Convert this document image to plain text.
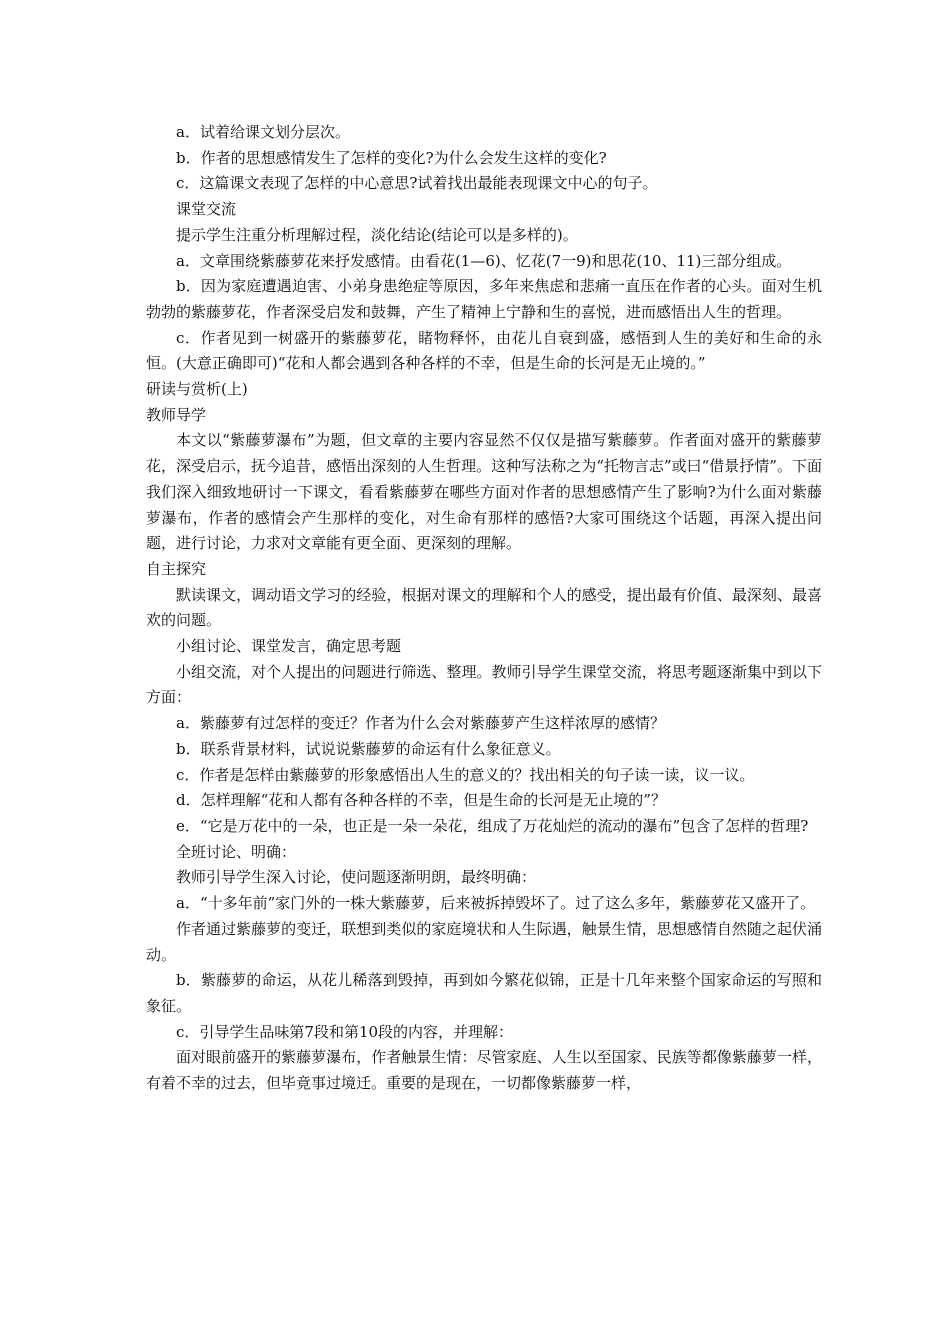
a．试着给课文划分层次。

b．作者的思想感情发生了怎样的变化?为什么会发生这样的变化?

c．这篇课文表现了怎样的中心意思?试着找出最能表现课文中心的句子。

课堂交流

提示学生注重分析理解过程，淡化结论(结论可以是多样的)。

a．文章围绕紫藤萝花来抒发感情。由看花(1—6)、忆花(7一9)和思花(10、11)三部分组成。

b．因为家庭遭遇迫害、小弟身患绝症等原因，多年来焦虑和悲痛一直压在作者的心头。面对生机勃勃的紫藤萝花，作者深受启发和鼓舞，产生了精神上宁静和生的喜悦，进而感悟出人生的哲理。

c．作者见到一树盛开的紫藤萝花，睹物释怀，由花儿自衰到盛，感悟到人生的美好和生命的永恒。(大意正确即可)“花和人都会遇到各种各样的不幸，但是生命的长河是无止境的。”

研读与赏析(上)

教师导学

本文以“紫藤萝瀑布”为题，但文章的主要内容显然不仅仅是描写紫藤萝。作者面对盛开的紫藤萝花，深受启示，抚今追昔，感悟出深刻的人生哲理。这种写法称之为“托物言志”或曰“借景抒情”。下面我们深入细致地研讨一下课文，看看紫藤萝在哪些方面对作者的思想感情产生了影响?为什么面对紫藤萝瀑布，作者的感情会产生那样的变化，对生命有那样的感悟?大家可围绕这个话题，再深入提出问题，进行讨论，力求对文章能有更全面、更深刻的理解。

自主探究

默读课文，调动语文学习的经验，根据对课文的理解和个人的感受，提出最有价值、最深刻、最喜欢的问题。

小组讨论、课堂发言，确定思考题

小组交流，对个人提出的问题进行筛选、整理。教师引导学生课堂交流，将思考题逐渐集中到以下方面：

a．紫藤萝有过怎样的变迁？作者为什么会对紫藤萝产生这样浓厚的感情？

b．联系背景材料，试说说紫藤萝的命运有什么象征意义。

c．作者是怎样由紫藤萝的形象感悟出人生的意义的？找出相关的句子读一读，议一议。

d．怎样理解“花和人都有各种各样的不幸，但是生命的长河是无止境的”？

e．“它是万花中的一朵，也正是一朵一朵花，组成了万花灿烂的流动的瀑布”包含了怎样的哲理?

全班讨论、明确：

教师引导学生深入讨论，使问题逐渐明朗，最终明确：

a．“十多年前”家门外的一株大紫藤萝，后来被拆掉毁坏了。过了这么多年，紫藤萝花又盛开了。

作者通过紫藤萝的变迁，联想到类似的家庭境状和人生际遇，触景生情，思想感情自然随之起伏涌动。

b．紫藤萝的命运，从花儿稀落到毁掉，再到如今繁花似锦，正是十几年来整个国家命运的写照和象征。

c．引导学生品味第7段和第10段的内容，并理解：

面对眼前盛开的紫藤萝瀑布，作者触景生情：尽管家庭、人生以至国家、民族等都像紫藤萝一样，有着不幸的过去，但毕竟事过境迁。重要的是现在，一切都像紫藤萝一样，
